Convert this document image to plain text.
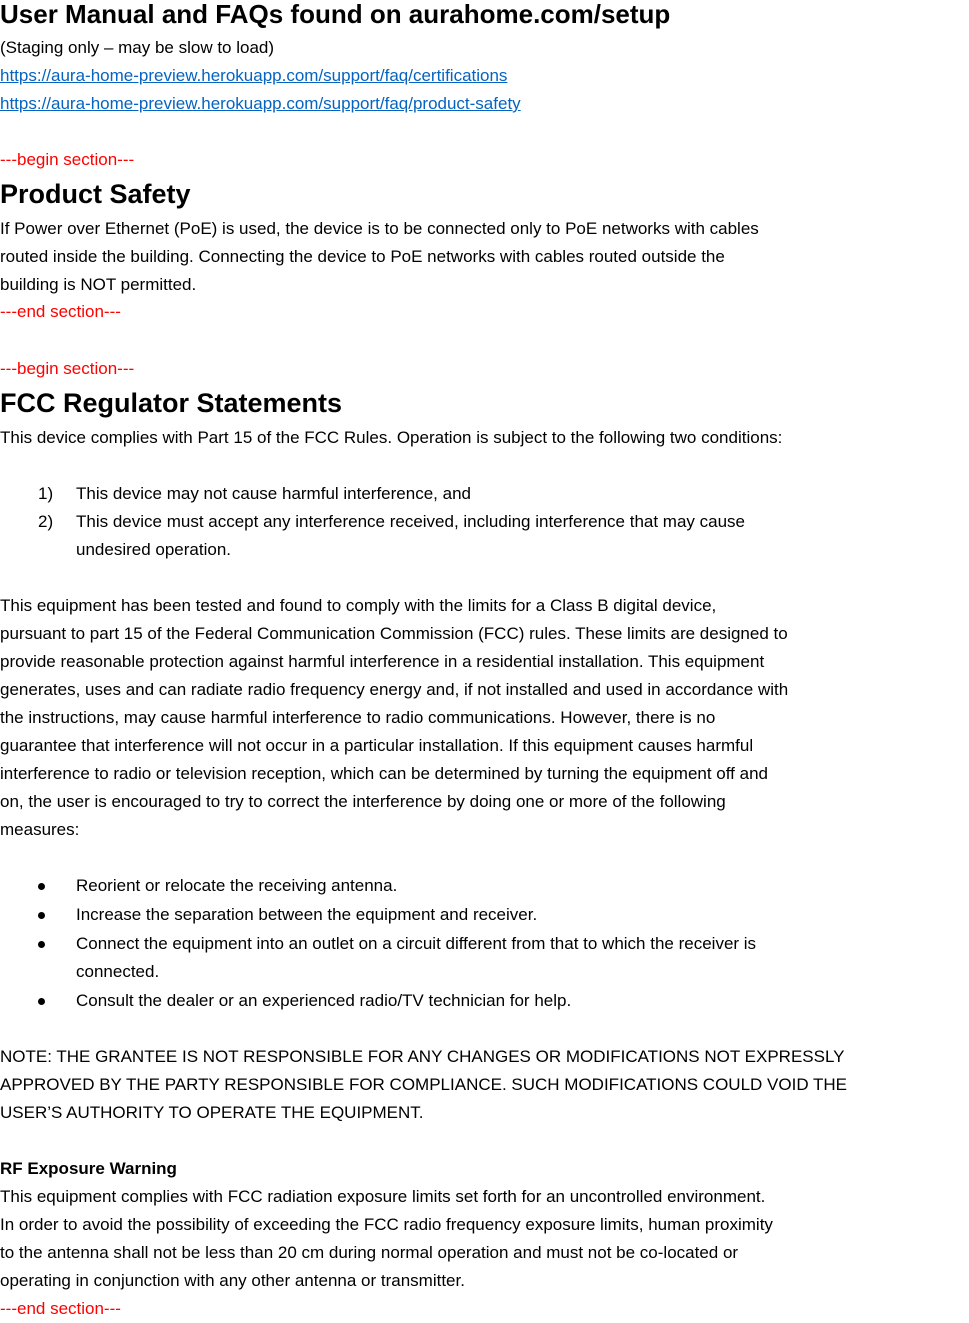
User Manual and FAQs found on aurahome.com/setup
(Staging only – may be slow to load)
https://aura-home-preview.herokuapp.com/support/faq/certifications
https://aura-home-preview.herokuapp.com/support/faq/product-safety
---begin section---
Product Safety
If Power over Ethernet (PoE) is used, the device is to be connected only to PoE networks with cables
routed inside the building. Connecting the device to PoE networks with cables routed outside the
building is NOT permitted.
---end section---
---begin section---
FCC Regulator Statements
This device complies with Part 15 of the FCC Rules. Operation is subject to the following two conditions:
1) This device may not cause harmful interference, and
2) This device must accept any interference received, including interference that may cause
undesired operation.
This equipment has been tested and found to comply with the limits for a Class B digital device,
pursuant to part 15 of the Federal Communication Commission (FCC) rules. These limits are designed to
provide reasonable protection against harmful interference in a residential installation. This equipment
generates, uses and can radiate radio frequency energy and, if not installed and used in accordance with
the instructions, may cause harmful interference to radio communications. However, there is no
guarantee that interference will not occur in a particular installation. If this equipment causes harmful
interference to radio or television reception, which can be determined by turning the equipment off and
on, the user is encouraged to try to correct the interference by doing one or more of the following
measures:
Reorient or relocate the receiving antenna.
Increase the separation between the equipment and receiver.
Connect the equipment into an outlet on a circuit different from that to which the receiver is
connected.
Consult the dealer or an experienced radio/TV technician for help.
NOTE: THE GRANTEE IS NOT RESPONSIBLE FOR ANY CHANGES OR MODIFICATIONS NOT EXPRESSLY
APPROVED BY THE PARTY RESPONSIBLE FOR COMPLIANCE. SUCH MODIFICATIONS COULD VOID THE
USER’S AUTHORITY TO OPERATE THE EQUIPMENT.
RF Exposure Warning
This equipment complies with FCC radiation exposure limits set forth for an uncontrolled environment.
In order to avoid the possibility of exceeding the FCC radio frequency exposure limits, human proximity
to the antenna shall not be less than 20 cm during normal operation and must not be co-located or
operating in conjunction with any other antenna or transmitter.
---end section---
